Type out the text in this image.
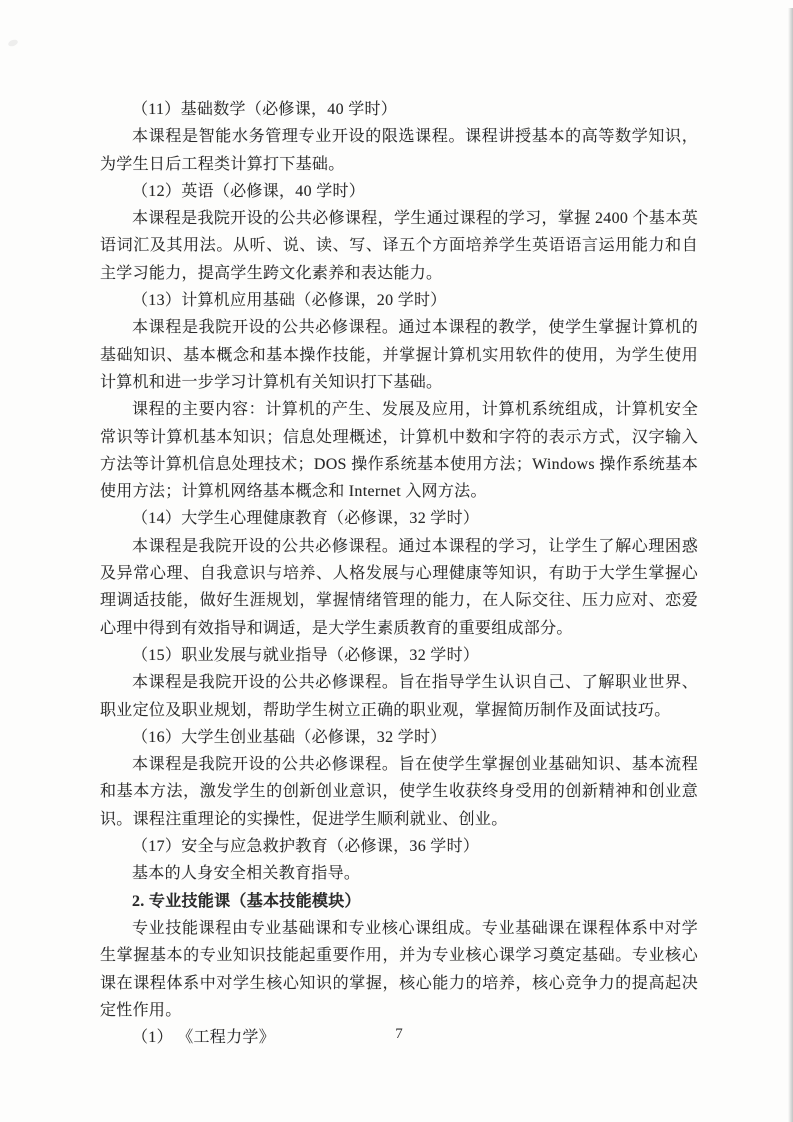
（11）基础数学（必修课，40 学时）

本课程是智能水务管理专业开设的限选课程。课程讲授基本的高等数学知识，为学生日后工程类计算打下基础。

（12）英语（必修课，40 学时）

本课程是我院开设的公共必修课程，学生通过课程的学习，掌握 2400 个基本英语词汇及其用法。从听、说、读、写、译五个方面培养学生英语语言运用能力和自主学习能力，提高学生跨文化素养和表达能力。

（13）计算机应用基础（必修课，20 学时）

本课程是我院开设的公共必修课程。通过本课程的教学，使学生掌握计算机的基础知识、基本概念和基本操作技能，并掌握计算机实用软件的使用，为学生使用计算机和进一步学习计算机有关知识打下基础。

课程的主要内容：计算机的产生、发展及应用，计算机系统组成，计算机安全常识等计算机基本知识；信息处理概述，计算机中数和字符的表示方式，汉字输入方法等计算机信息处理技术；DOS 操作系统基本使用方法；Windows 操作系统基本使用方法；计算机网络基本概念和 Internet 入网方法。

（14）大学生心理健康教育（必修课，32 学时）

本课程是我院开设的公共必修课程。通过本课程的学习，让学生了解心理困惑及异常心理、自我意识与培养、人格发展与心理健康等知识，有助于大学生掌握心理调适技能，做好生涯规划，掌握情绪管理的能力，在人际交往、压力应对、恋爱心理中得到有效指导和调适，是大学生素质教育的重要组成部分。

（15）职业发展与就业指导（必修课，32 学时）

本课程是我院开设的公共必修课程。旨在指导学生认识自己、了解职业世界、职业定位及职业规划，帮助学生树立正确的职业观，掌握简历制作及面试技巧。

（16）大学生创业基础（必修课，32 学时）

本课程是我院开设的公共必修课程。旨在使学生掌握创业基础知识、基本流程和基本方法，激发学生的创新创业意识，使学生收获终身受用的创新精神和创业意识。课程注重理论的实操性，促进学生顺利就业、创业。

（17）安全与应急救护教育（必修课，36 学时）

基本的人身安全相关教育指导。

2. 专业技能课（基本技能模块）

专业技能课程由专业基础课和专业核心课组成。专业基础课在课程体系中对学生掌握基本的专业知识技能起重要作用，并为专业核心课学习奠定基础。专业核心课在课程体系中对学生核心知识的掌握，核心能力的培养，核心竞争力的提高起决定性作用。

（1） 《工程力学》	7
